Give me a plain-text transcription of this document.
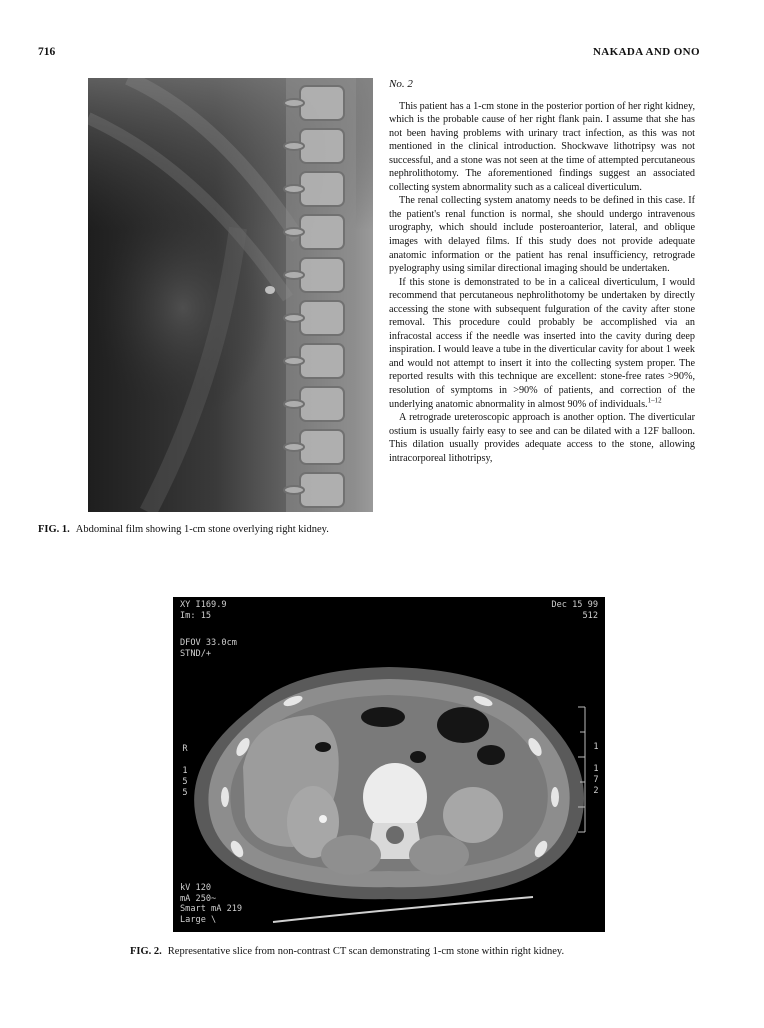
716	NAKADA AND ONO
FIG. 1. Abdominal film showing 1-cm stone overlying right kidney.
No. 2

This patient has a 1-cm stone in the posterior portion of her right kidney, which is the probable cause of her right flank pain. I assume that she has not been having problems with urinary tract infection, as this was not mentioned in the clinical introduction. Shockwave lithotripsy was not successful, and a stone was not seen at the time of attempted percutaneous nephrolithotomy. The aforementioned findings suggest an associated collecting system abnormality such as a caliceal diverticulum.

The renal collecting system anatomy needs to be defined in this case. If the patient's renal function is normal, she should undergo intravenous urography, which should include posteroanterior, lateral, and oblique images with delayed films. If this study does not provide adequate anatomic information or the patient has renal insufficiency, retrograde pyelography using similar directional imaging should be undertaken.

If this stone is demonstrated to be in a caliceal diverticulum, I would recommend that percutaneous nephrolithotomy be undertaken by directly accessing the stone with subsequent fulguration of the cavity after stone removal. This procedure could probably be accomplished via an infracostal access if the needle was inserted into the cavity during deep inspiration. I would leave a tube in the diverticular cavity for about 1 week and would not attempt to insert it into the collecting system proper. The reported results with this technique are excellent: stone-free rates >90%, resolution of symptoms in >90% of patients, and correction of the underlying anatomic abnormality in almost 90% of individuals.$^{1-12}$

A retrograde ureteroscopic approach is another option. The diverticular ostium is usually fairly easy to see and can be dilated with a 12F balloon. This dilation usually provides adequate access to the stone, allowing intracorporeal lithotripsy,

XY I169.9
Im: 15
DFOV 33.0cm
STND/+
Dec 15 99
512
kV 120
mA 250~
Smart mA 219
Large \
R

1
5
5
1

1
7
2
FIG. 2. Representative slice from non-contrast CT scan demonstrating 1-cm stone within right kidney.
